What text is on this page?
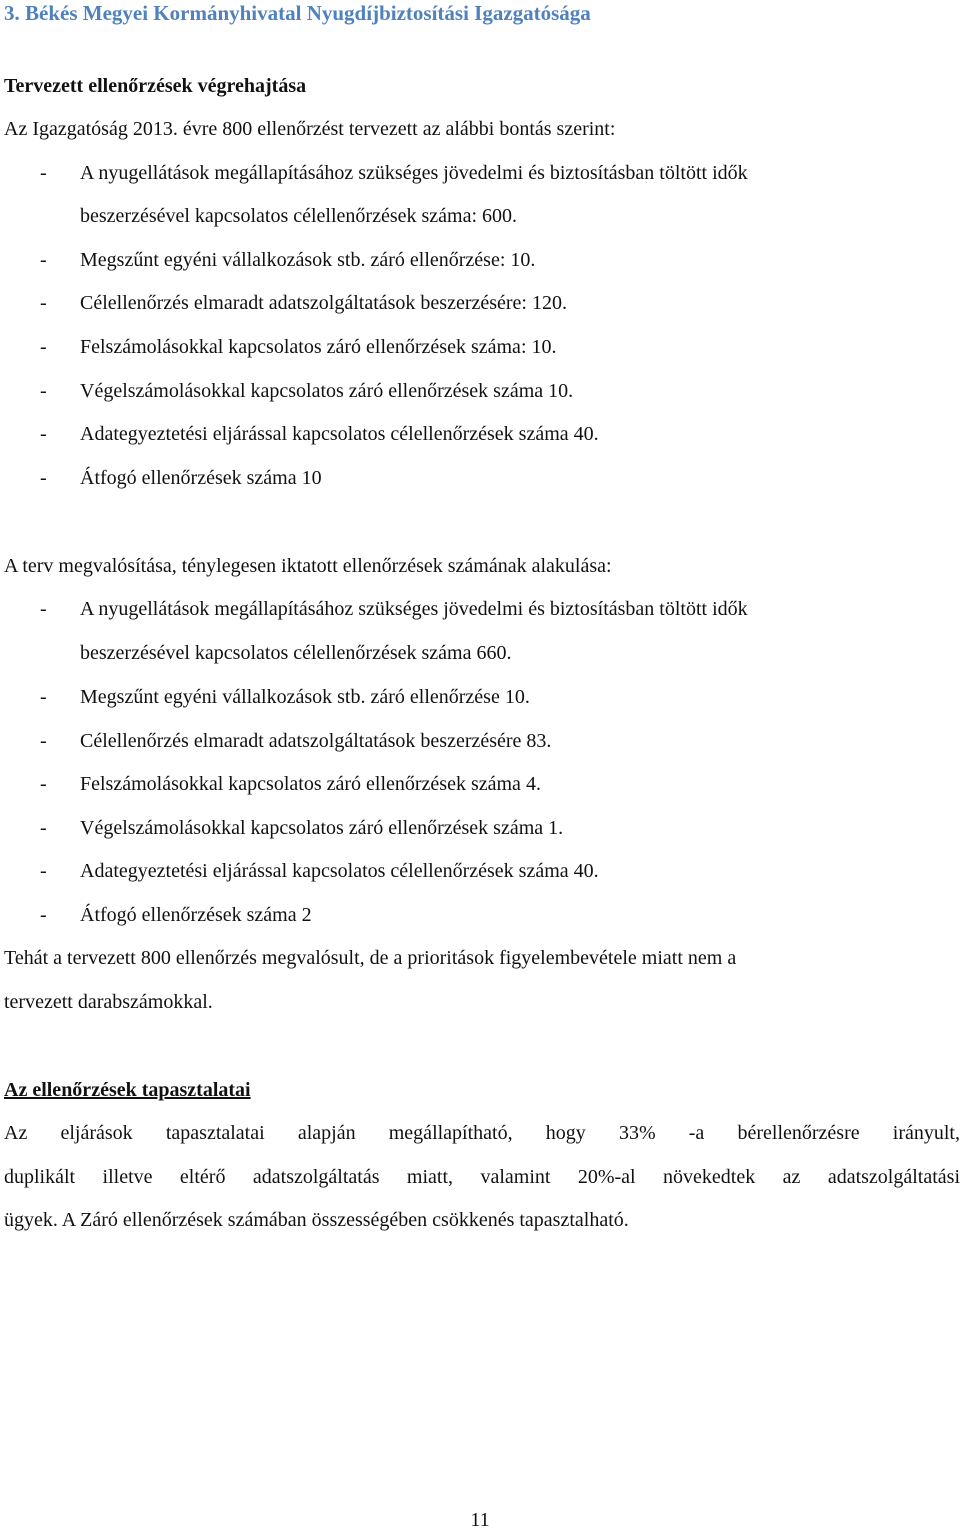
3. Békés Megyei Kormányhivatal Nyugdíjbiztosítási Igazgatósága
Tervezett ellenőrzések végrehajtása
Az Igazgatóság 2013. évre 800 ellenőrzést tervezett az alábbi bontás szerint:
- A nyugellátások megállapításához szükséges jövedelmi és biztosításban töltött idők
beszerzésével kapcsolatos célellenőrzések száma: 600.
- Megszűnt egyéni vállalkozások stb. záró ellenőrzése: 10.
- Célellenőrzés elmaradt adatszolgáltatások beszerzésére: 120.
- Felszámolásokkal kapcsolatos záró ellenőrzések száma: 10.
- Végelszámolásokkal kapcsolatos záró ellenőrzések száma 10.
- Adategyeztetési eljárással kapcsolatos célellenőrzések száma 40.
- Átfogó ellenőrzések száma 10
A terv megvalósítása, ténylegesen iktatott ellenőrzések számának alakulása:
- A nyugellátások megállapításához szükséges jövedelmi és biztosításban töltött idők
beszerzésével kapcsolatos célellenőrzések száma 660.
- Megszűnt egyéni vállalkozások stb. záró ellenőrzése 10.
- Célellenőrzés elmaradt adatszolgáltatások beszerzésére 83.
- Felszámolásokkal kapcsolatos záró ellenőrzések száma 4.
- Végelszámolásokkal kapcsolatos záró ellenőrzések száma 1.
- Adategyeztetési eljárással kapcsolatos célellenőrzések száma 40.
- Átfogó ellenőrzések száma 2
Tehát a tervezett 800 ellenőrzés megvalósult, de a prioritások figyelembevétele miatt nem a
tervezett darabszámokkal.
Az ellenőrzések tapasztalatai
Az eljárások tapasztalatai alapján megállapítható, hogy 33% -a bérellenőrzésre irányult,
duplikált illetve eltérő adatszolgáltatás miatt, valamint 20%-al növekedtek az adatszolgáltatási
ügyek. A Záró ellenőrzések számában összességében csökkenés tapasztalható.
11
